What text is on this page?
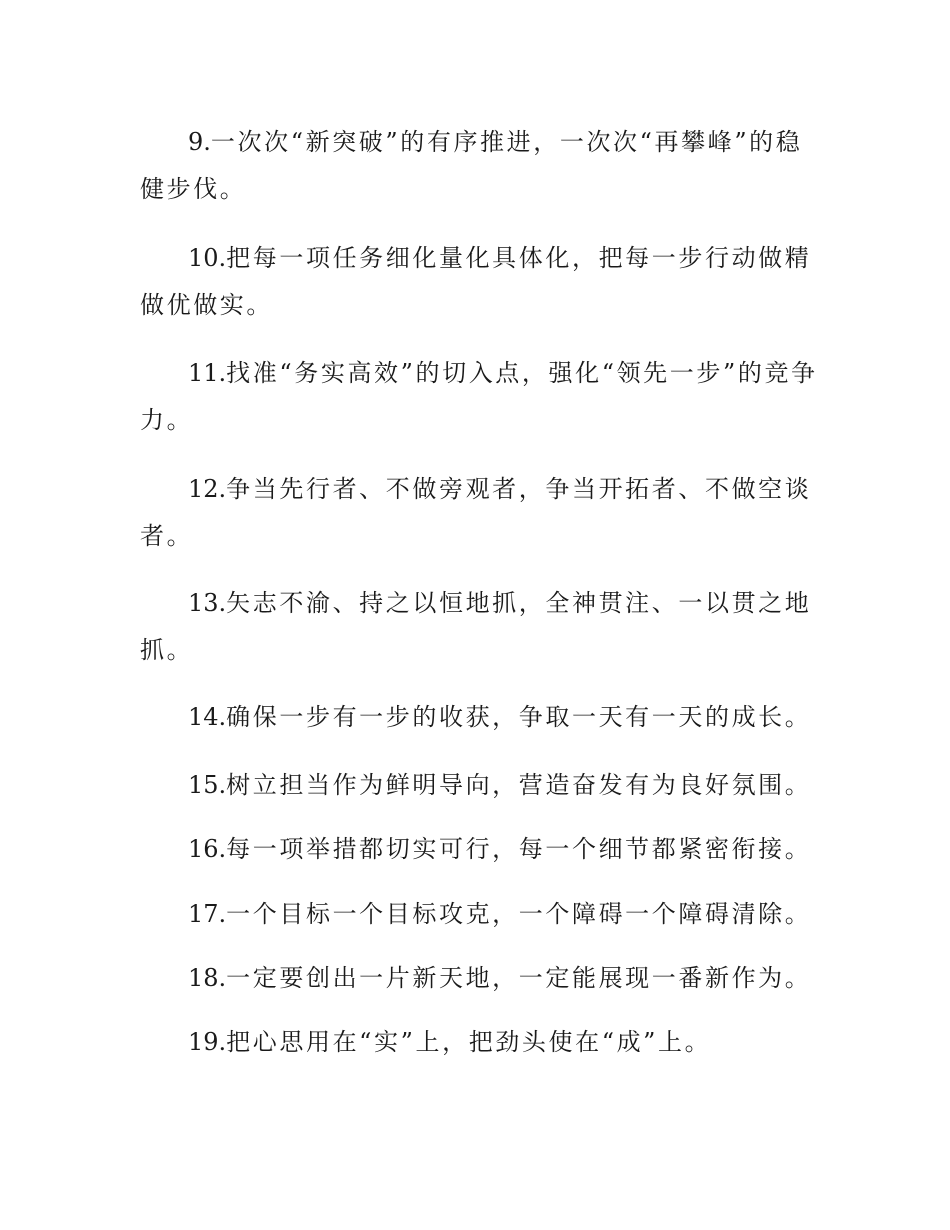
9.一次次“新突破”的有序推进，一次次“再攀峰”的稳健步伐。

10.把每一项任务细化量化具体化，把每一步行动做精做优做实。

11.找准“务实高效”的切入点，强化“领先一步”的竞争力。

12.争当先行者、不做旁观者，争当开拓者、不做空谈者。

13.矢志不渝、持之以恒地抓，全神贯注、一以贯之地抓。

14.确保一步有一步的收获，争取一天有一天的成长。

15.树立担当作为鲜明导向，营造奋发有为良好氛围。

16.每一项举措都切实可行，每一个细节都紧密衔接。

17.一个目标一个目标攻克，一个障碍一个障碍清除。

18.一定要创出一片新天地，一定能展现一番新作为。

19.把心思用在“实”上，把劲头使在“成”上。
